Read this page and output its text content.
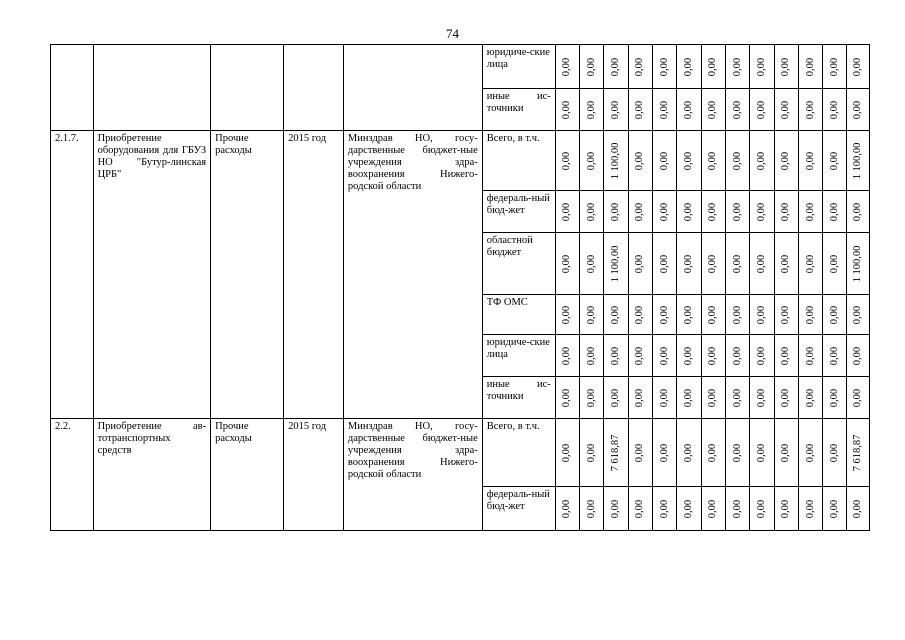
74
					юридиче-ские лица	0,00	0,00	0,00	0,00	0,00	0,00	0,00	0,00	0,00	0,00	0,00	0,00	0,00

					иные ис-точники	0,00	0,00	0,00	0,00	0,00	0,00	0,00	0,00	0,00	0,00	0,00	0,00	0,00

2.1.7.	Приобретение оборудования для ГБУЗ НО "Бутур-линская ЦРБ"	Прочие расходы	2015 год	Минздрав НО, госу-дарственные бюджет-ные учреждения здра-воохранения Нижего-родской области	Всего, в т.ч.	0,00	0,00	1 100,00	0,00	0,00	0,00	0,00	0,00	0,00	0,00	0,00	0,00	1 100,00

					федераль-ный бюд-жет	0,00	0,00	0,00	0,00	0,00	0,00	0,00	0,00	0,00	0,00	0,00	0,00	0,00

					областной бюджет	0,00	0,00	1 100,00	0,00	0,00	0,00	0,00	0,00	0,00	0,00	0,00	0,00	1 100,00

					ТФ ОМС	0,00	0,00	0,00	0,00	0,00	0,00	0,00	0,00	0,00	0,00	0,00	0,00	0,00

					юридиче-ские лица	0,00	0,00	0,00	0,00	0,00	0,00	0,00	0,00	0,00	0,00	0,00	0,00	0,00

					иные ис-точники	0,00	0,00	0,00	0,00	0,00	0,00	0,00	0,00	0,00	0,00	0,00	0,00	0,00

2.2.	Приобретение ав-тотранспортных средств	Прочие расходы	2015 год	Минздрав НО, госу-дарственные бюджет-ные учреждения здра-воохранения Нижего-родской области	Всего, в т.ч.	0,00	0,00	7 618,87	0,00	0,00	0,00	0,00	0,00	0,00	0,00	0,00	0,00	7 618,87

					федераль-ный бюд-жет	0,00	0,00	0,00	0,00	0,00	0,00	0,00	0,00	0,00	0,00	0,00	0,00	0,00
